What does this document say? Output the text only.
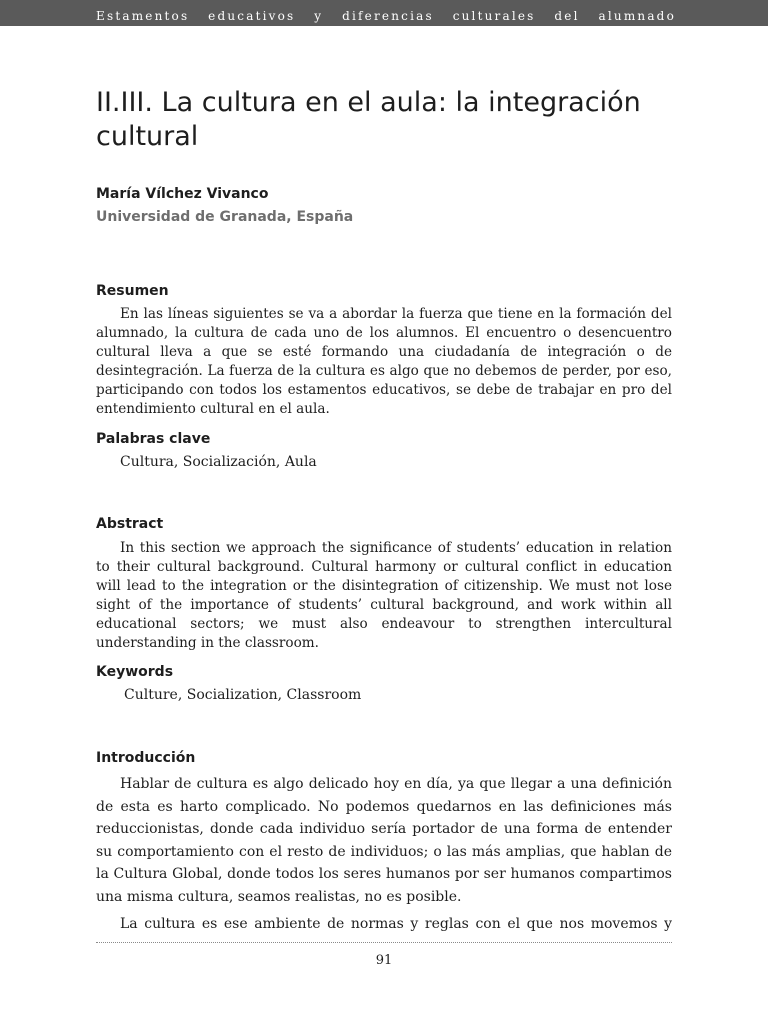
Estamentos educativos y diferencias culturales del alumnado
II.III. La cultura en el aula: la integración cultural
María Vílchez Vivanco
Universidad de Granada, España
Resumen

En las líneas siguientes se va a abordar la fuerza que tiene en la formación del alumnado, la cultura de cada uno de los alumnos. El encuentro o desencuentro cultural lleva a que se esté formando una ciudadanía de integración o de desintegración. La fuerza de la cultura es algo que no debemos de perder, por eso, participando con todos los estamentos educativos, se debe de trabajar en pro del entendimiento cultural en el aula.

Palabras clave

Cultura, Socialización, Aula

Abstract

In this section we approach the significance of students’ education in relation to their cultural background. Cultural harmony or cultural conflict in education will lead to the integration or the disintegration of citizenship. We must not lose sight of the importance of students’ cultural background, and work within all educational sectors; we must also endeavour to strengthen intercultural understanding in the classroom.

Keywords

Culture, Socialization, Classroom

Introducción

Hablar de cultura es algo delicado hoy en día, ya que llegar a una definición de esta es harto complicado. No podemos quedarnos en las definiciones más reduccionistas, donde cada individuo sería portador de una forma de entender su comportamiento con el resto de individuos; o las más amplias, que hablan de la Cultura Global, donde todos los seres humanos por ser humanos compartimos una misma cultura, seamos realistas, no es posible.

La cultura es ese ambiente de normas y reglas con el que nos movemos y

91
